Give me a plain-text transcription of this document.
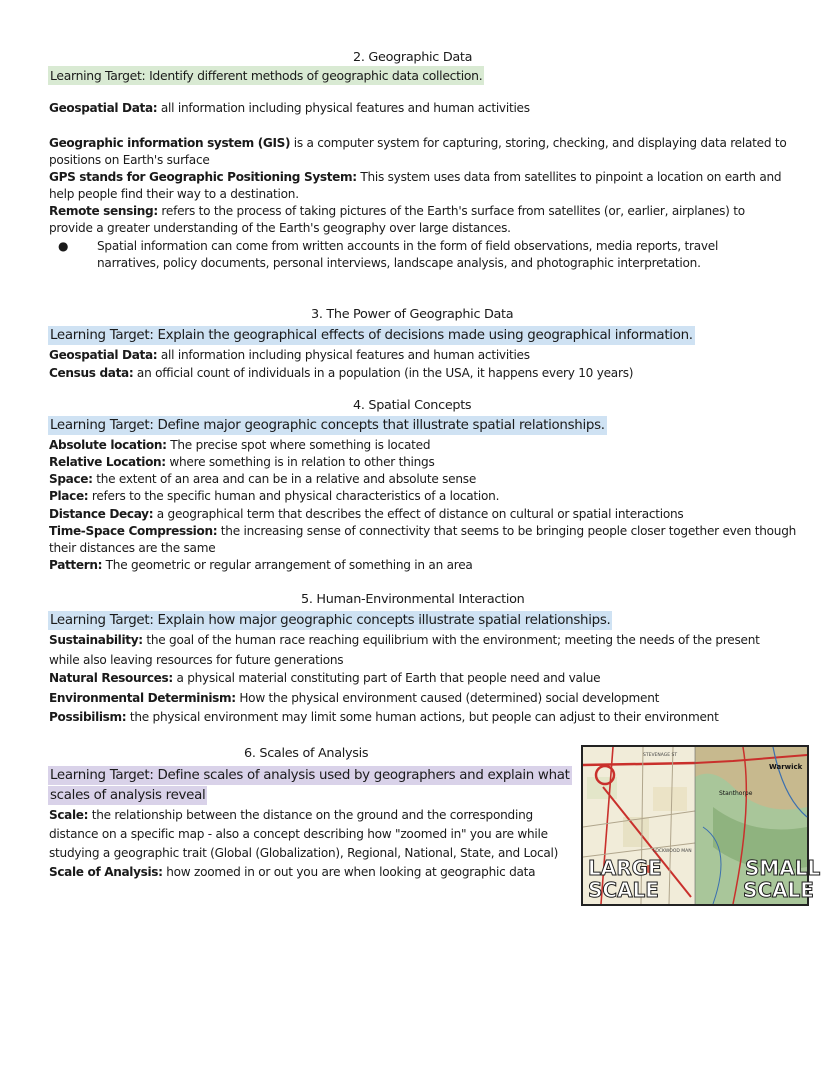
2. Geographic Data
Learning Target: Identify different methods of geographic data collection.
Geospatial Data: all information including physical features and human activities
Geographic information system (GIS) is a computer system for capturing, storing, checking, and displaying data related to
positions on Earth's surface
GPS stands for Geographic Positioning System: This system uses data from satellites to pinpoint a location on earth and
help people find their way to a destination.
Remote sensing: refers to the process of taking pictures of the Earth's surface from satellites (or, earlier, airplanes) to
provide a greater understanding of the Earth's geography over large distances.
● Spatial information can come from written accounts in the form of field observations, media reports, travel
narratives, policy documents, personal interviews, landscape analysis, and photographic interpretation.
3. The Power of Geographic Data
Learning Target: Explain the geographical effects of decisions made using geographical information.
Geospatial Data: all information including physical features and human activities
Census data: an official count of individuals in a population (in the USA, it happens every 10 years)
4. Spatial Concepts
Learning Target: Define major geographic concepts that illustrate spatial relationships.
Absolute location: The precise spot where something is located
Relative Location: where something is in relation to other things
Space: the extent of an area and can be in a relative and absolute sense
Place: refers to the specific human and physical characteristics of a location.
Distance Decay: a geographical term that describes the effect of distance on cultural or spatial interactions
Time-Space Compression: the increasing sense of connectivity that seems to be bringing people closer together even though
their distances are the same
Pattern: The geometric or regular arrangement of something in an area
5. Human-Environmental Interaction
Learning Target: Explain how major geographic concepts illustrate spatial relationships.
Sustainability: the goal of the human race reaching equilibrium with the environment; meeting the needs of the present
while also leaving resources for future generations
Natural Resources: a physical material constituting part of Earth that people need and value
Environmental Determinism: How the physical environment caused (determined) social development
Possibilism: the physical environment may limit some human actions, but people can adjust to their environment
6. Scales of Analysis
Learning Target: Define scales of analysis used by geographers and explain what
scales of analysis reveal
Scale: the relationship between the distance on the ground and the corresponding
distance on a specific map - also a concept describing how "zoomed in" you are while
studying a geographic trait (Global (Globalization), Regional, National, State, and Local)
Scale of Analysis: how zoomed in or out you are when looking at geographic data
STEVENAGE ST
LOCKWOOD MAN
Warwick
Stanthorpe
LARGE
SCALE
SMALL
SCALE
